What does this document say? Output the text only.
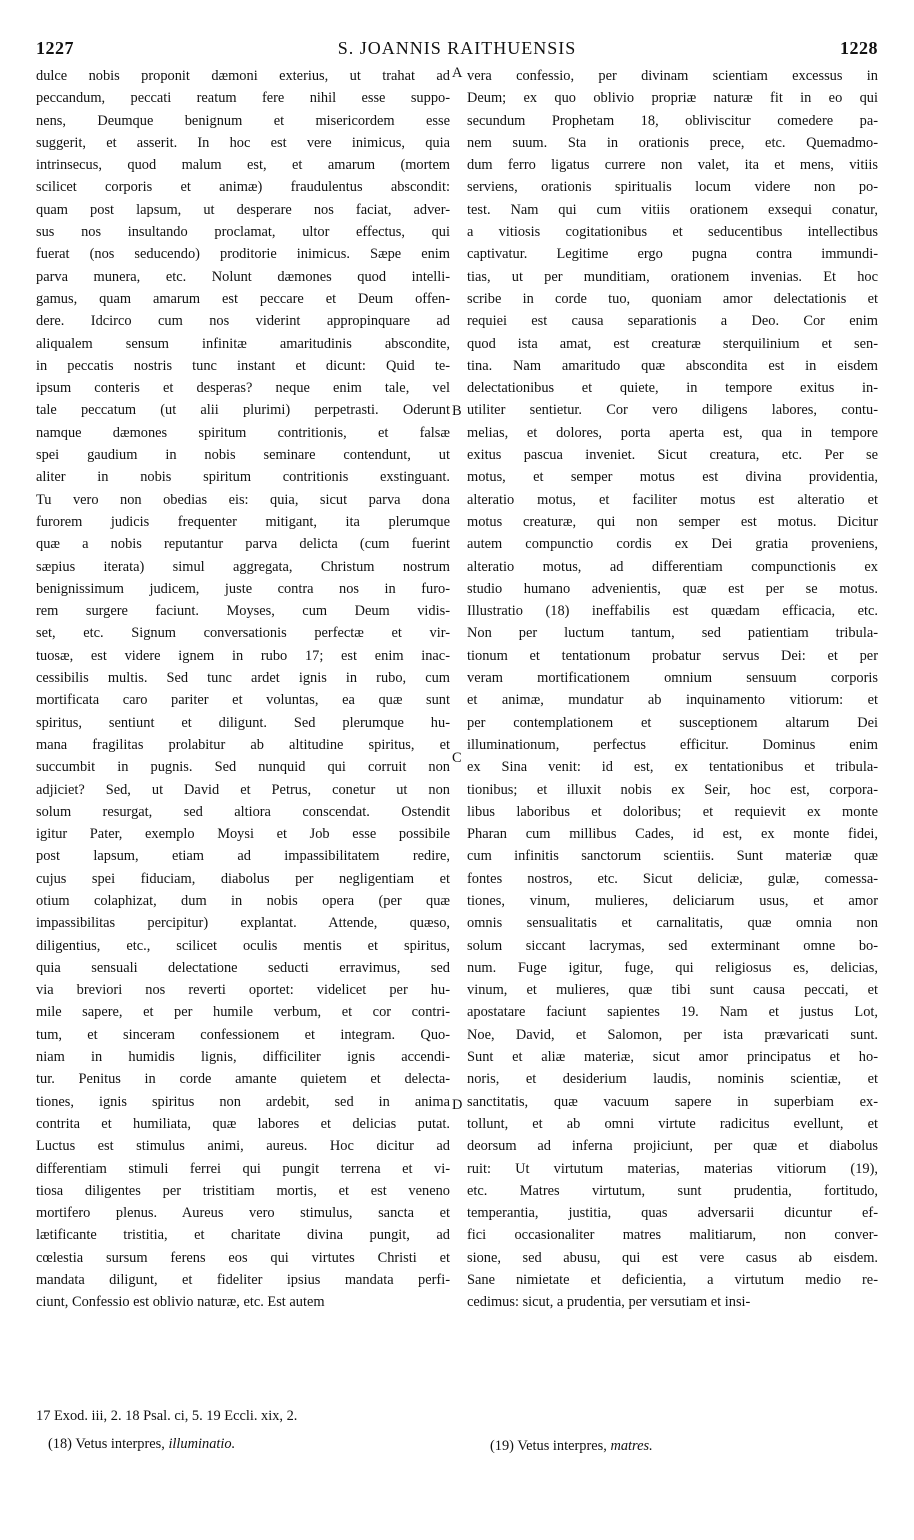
1227	S. JOANNIS RAITHUENSIS	1228
dulce nobis proponit dæmoni exterius, ut trahat ad
peccandum, peccati reatum fere nihil esse suppo-
nens, Deumque benignum et misericordem esse
suggerit, et asserit. In hoc est vere inimicus, quia
intrinsecus, quod malum est, et amarum (mortem
scilicet corporis et animæ) fraudulentus abscondit:
quam post lapsum, ut desperare nos faciat, adver-
sus nos insultando proclamat, ultor effectus, qui
fuerat (nos seducendo) proditorie inimicus. Sæpe enim
parva munera, etc. Nolunt dæmones quod intelli-
gamus, quam amarum est peccare et Deum offen-
dere. Idcirco cum nos viderint appropinquare ad
aliqualem sensum infinitæ amaritudinis abscondite,
in peccatis nostris tunc instant et dicunt: Quid te-
ipsum conteris et desperas? neque enim tale, vel
tale peccatum (ut alii plurimi) perpetrasti. Oderunt
namque dæmones spiritum contritionis, et falsæ
spei gaudium in nobis seminare contendunt, ut
aliter in nobis spiritum contritionis exstinguant.
Tu vero non obedias eis: quia, sicut parva dona
furorem judicis frequenter mitigant, ita plerumque
quæ a nobis reputantur parva delicta (cum fuerint
sæpius iterata) simul aggregata, Christum nostrum
benignissimum judicem, juste contra nos in furo-
rem surgere faciunt. Moyses, cum Deum vidis-
set, etc. Signum conversationis perfectæ et vir-
tuosæ, est videre ignem in rubo 17; est enim inac-
cessibilis multis. Sed tunc ardet ignis in rubo, cum
mortificata caro pariter et voluntas, ea quæ sunt
spiritus, sentiunt et diligunt. Sed plerumque hu-
mana fragilitas prolabitur ab altitudine spiritus, et
succumbit in pugnis. Sed nunquid qui corruit non
adjiciet? Sed, ut David et Petrus, conetur ut non
solum resurgat, sed altiora conscendat. Ostendit
igitur Pater, exemplo Moysi et Job esse possibile
post lapsum, etiam ad impassibilitatem redire,
cujus spei fiduciam, diabolus per negligentiam et
otium colaphizat, dum in nobis opera (per quæ
impassibilitas percipitur) explantat. Attende, quæso,
diligentius, etc., scilicet oculis mentis et spiritus,
quia sensuali delectatione seducti erravimus, sed
via breviori nos reverti oportet: videlicet per hu-
mile sapere, et per humile verbum, et cor contri-
tum, et sinceram confessionem et integram. Quo-
niam in humidis lignis, difficiliter ignis accendi-
tur. Penitus in corde amante quietem et delecta-
tiones, ignis spiritus non ardebit, sed in anima
contrita et humiliata, quæ labores et delicias putat.
Luctus est stimulus animi, aureus. Hoc dicitur ad
differentiam stimuli ferrei qui pungit terrena et vi-
tiosa diligentes per tristitiam mortis, et est veneno
mortifero plenus. Aureus vero stimulus, sancta et
lætificante tristitia, et charitate divina pungit, ad
cœlestia sursum ferens eos qui virtutes Christi et
mandata diligunt, et fideliter ipsius mandata perfi-
ciunt, Confessio est oblivio naturæ, etc. Est autem
vera confessio, per divinam scientiam excessus in
Deum; ex quo oblivio propriæ naturæ fit in eo qui
secundum Prophetam 18, obliviscitur comedere pa-
nem suum. Sta in orationis prece, etc. Quemadmo-
dum ferro ligatus currere non valet, ita et mens, vitiis
serviens, orationis spiritualis locum videre non po-
test. Nam qui cum vitiis orationem exsequi conatur,
a vitiosis cogitationibus et seducentibus intellectibus
captivatur. Legitime ergo pugna contra immundi-
tias, ut per munditiam, orationem invenias. Et hoc
scribe in corde tuo, quoniam amor delectationis et
requiei est causa separationis a Deo. Cor enim
quod ista amat, est creaturæ sterquilinium et sen-
tina. Nam amaritudo quæ abscondita est in eisdem
delectationibus et quiete, in tempore exitus in-
utiliter sentietur. Cor vero diligens labores, contu-
melias, et dolores, porta aperta est, qua in tempore
exitus pascua inveniet. Sicut creatura, etc. Per se
motus, et semper motus est divina providentia,
alteratio motus, et faciliter motus est alteratio et
motus creaturæ, qui non semper est motus. Dicitur
autem compunctio cordis ex Dei gratia proveniens,
alteratio motus, ad differentiam compunctionis ex
studio humano advenientis, quæ est per se motus.
Illustratio (18) ineffabilis est quædam efficacia, etc.
Non per luctum tantum, sed patientiam tribula-
tionum et tentationum probatur servus Dei: et per
veram mortificationem omnium sensuum corporis
et animæ, mundatur ab inquinamento vitiorum: et
per contemplationem et susceptionem altarum Dei
illuminationum, perfectus efficitur. Dominus enim
ex Sina venit: id est, ex tentationibus et tribula-
tionibus; et illuxit nobis ex Seir, hoc est, corpora-
libus laboribus et doloribus; et requievit ex monte
Pharan cum millibus Cades, id est, ex monte fidei,
cum infinitis sanctorum scientiis. Sunt materiæ quæ
fontes nostros, etc. Sicut deliciæ, gulæ, comessa-
tiones, vinum, mulieres, deliciarum usus, et amor
omnis sensualitatis et carnalitatis, quæ omnia non
solum siccant lacrymas, sed exterminant omne bo-
num. Fuge igitur, fuge, qui religiosus es, delicias,
vinum, et mulieres, quæ tibi sunt causa peccati, et
apostatare faciunt sapientes 19. Nam et justus Lot,
Noe, David, et Salomon, per ista prævaricati sunt.
Sunt et aliæ materiæ, sicut amor principatus et ho-
noris, et desiderium laudis, nominis scientiæ, et
sanctitatis, quæ vacuum sapere in superbiam ex-
tollunt, et ab omni virtute radicitus evellunt, et
deorsum ad inferna projiciunt, per quæ et diabolus
ruit: Ut virtutum materias, materias vitiorum (19),
etc. Matres virtutum, sunt prudentia, fortitudo,
temperantia, justitia, quas adversarii dicuntur ef-
fici occasionaliter matres malitiarum, non conver-
sione, sed abusu, qui est vere casus ab eisdem.
Sane nimietate et deficientia, a virtutum medio re-
cedimus: sicut, a prudentia, per versutiam et insi-
A
B
C
D
17 Exod. iii, 2. 18 Psal. ci, 5. 19 Eccli. xix, 2.
(18) Vetus interpres, illuminatio.	(19) Vetus interpres, matres.
